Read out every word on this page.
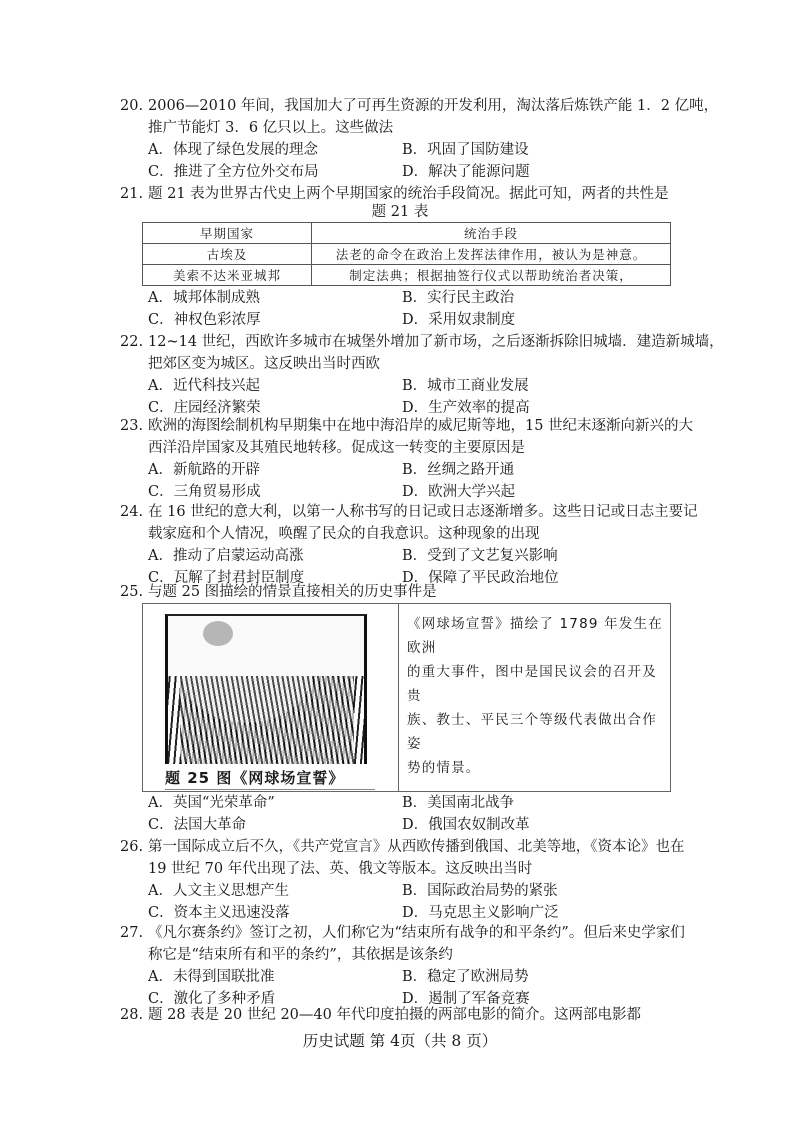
20. 2006—2010 年间，我国加大了可再生资源的开发利用，淘汰落后炼铁产能 1．2 亿吨，
推广节能灯 3．6 亿只以上。这些做法
A．体现了绿色发展的理念	B．巩固了国防建设
C．推进了全方位外交布局	D．解决了能源问题
21. 题 21 表为世界古代史上两个早期国家的统治手段简况。据此可知，两者的共性是
题 21 表
早期国家	统治手段
古埃及	法老的命令在政治上发挥法律作用，被认为是神意。
美索不达米亚城邦	制定法典；根据抽签行仪式以帮助统治者决策，
A．城邦体制成熟	B．实行民主政治
C．神权色彩浓厚	D．采用奴隶制度
22. 12~14 世纪，西欧许多城市在城堡外增加了新市场，之后逐渐拆除旧城墙．建造新城墙，
把郊区变为城区。这反映出当时西欧
A．近代科技兴起	B．城市工商业发展
C．庄园经济繁荣	D．生产效率的提高
23. 欧洲的海图绘制机构早期集中在地中海沿岸的威尼斯等地，15 世纪末逐渐向新兴的大
西洋沿岸国家及其殖民地转移。促成这一转变的主要原因是
A．新航路的开辟	B．丝绸之路开通
C．三角贸易形成	D．欧洲大学兴起
24. 在 16 世纪的意大利，以第一人称书写的日记或日志逐渐增多。这些日记或日志主要记
载家庭和个人情况，唤醒了民众的自我意识。这种现象的出现
A．推动了启蒙运动高涨	B．受到了文艺复兴影响
C．瓦解了封君封臣制度	D．保障了平民政治地位
25. 与题 25 图描绘的情景直接相关的历史事件是
题 25 图《网球场宣誓》
《网球场宣誓》描绘了 1789 年发生在欧洲
的重大事件，图中是国民议会的召开及贵
族、教士、平民三个等级代表做出合作姿
势的情景。
A．英国“光荣革命”	B．美国南北战争
C．法国大革命	D．俄国农奴制改革
26. 第一国际成立后不久，《共产党宣言》从西欧传播到俄国、北美等地，《资本论》也在
19 世纪 70 年代出现了法、英、俄文等版本。这反映出当时
A．人文主义思想产生	B．国际政治局势的紧张
C．资本主义迅速没落	D．马克思主义影响广泛
27. 《凡尔赛条约》签订之初，人们称它为“结束所有战争的和平条约”。但后来史学家们
称它是“结束所有和平的条约”，其依据是该条约
A．未得到国联批准	B．稳定了欧洲局势
C．激化了多种矛盾	D．遏制了军备竞赛
28. 题 28 表是 20 世纪 20—40 年代印度拍摄的两部电影的简介。这两部电影都
历史试题 第 4页（共 8 页）
